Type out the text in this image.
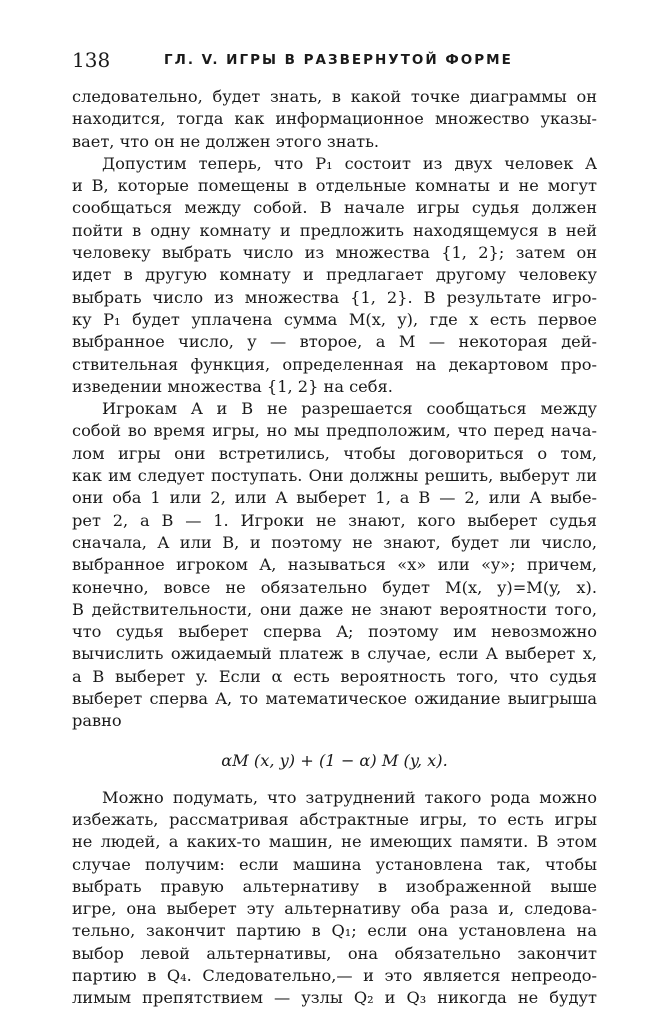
138	ГЛ. V. ИГРЫ В РАЗВЕРНУТОЙ ФОРМЕ
следовательно, будет знать, в какой точке диаграммы он
находится, тогда как информационное множество указы-
вает, что он не должен этого знать.
Допустим теперь, что P₁ состоит из двух человек A
и B, которые помещены в отдельные комнаты и не могут
сообщаться между собой. В начале игры судья должен
пойти в одну комнату и предложить находящемуся в ней
человеку выбрать число из множества {1, 2}; затем он
идет в другую комнату и предлагает другому человеку
выбрать число из множества {1, 2}. В результате игро-
ку P₁ будет уплачена сумма M(x, y), где x есть первое
выбранное число, y — второе, а M — некоторая дей-
ствительная функция, определенная на декартовом про-
изведении множества {1, 2} на себя.
Игрокам A и B не разрешается сообщаться между
собой во время игры, но мы предположим, что перед нача-
лом игры они встретились, чтобы договориться о том,
как им следует поступать. Они должны решить, выберут ли
они оба 1 или 2, или A выберет 1, а B — 2, или A выбе-
рет 2, а B — 1. Игроки не знают, кого выберет судья
сначала, A или B, и поэтому не знают, будет ли число,
выбранное игроком A, называться «x» или «y»; причем,
конечно, вовсе не обязательно будет M(x, y)=M(y, x).
В действительности, они даже не знают вероятности того,
что судья выберет сперва A; поэтому им невозможно
вычислить ожидаемый платеж в случае, если A выберет x,
а B выберет y. Если α есть вероятность того, что судья
выберет сперва A, то математическое ожидание выигрыша
равно
αM (x, y) + (1 − α) M (y, x).
Можно подумать, что затруднений такого рода можно
избежать, рассматривая абстрактные игры, то есть игры
не людей, а каких-то машин, не имеющих памяти. В этом
случае получим: если машина установлена так, чтобы
выбрать правую альтернативу в изображенной выше
игре, она выберет эту альтернативу оба раза и, следова-
тельно, закончит партию в Q₁; если она установлена на
выбор левой альтернативы, она обязательно закончит
партию в Q₄. Следовательно,— и это является непреодо-
лимым препятствием — узлы Q₂ и Q₃ никогда не будут
